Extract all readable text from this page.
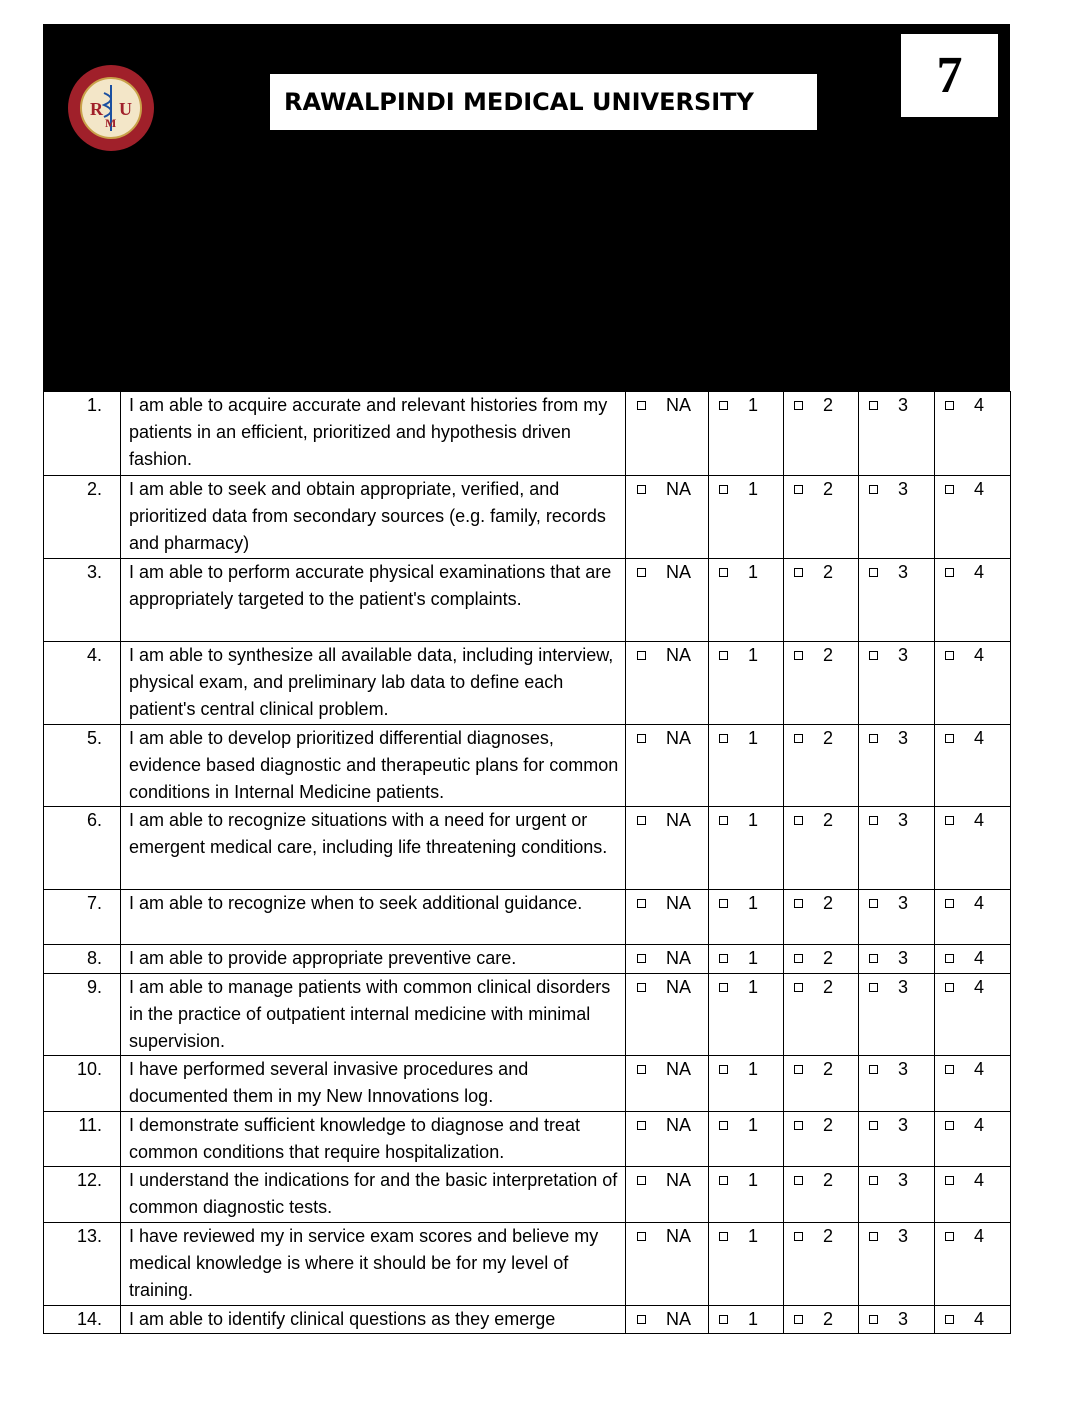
R U
M
RAWALPINDI MEDICAL UNIVERSITY	7
1.	I am able to acquire accurate and relevant histories from my patients in an efficient, prioritized and hypothesis driven fashion.	NA	1	2	3	4

2.	I am able to seek and obtain appropriate, verified, and prioritized data from secondary sources (e.g. family, records and pharmacy)	NA	1	2	3	4

3.	I am able to perform accurate physical examinations that are appropriately targeted to the patient's complaints.	NA	1	2	3	4

4.	I am able to synthesize all available data, including interview, physical exam, and preliminary lab data to define each patient's central clinical problem.	NA	1	2	3	4

5.	I am able to develop prioritized differential diagnoses, evidence based diagnostic and therapeutic plans for common conditions in Internal Medicine patients.	NA	1	2	3	4

6.	I am able to recognize situations with a need for urgent or emergent medical care, including life threatening conditions.	NA	1	2	3	4

7.	I am able to recognize when to seek additional guidance.	NA	1	2	3	4

8.	I am able to provide appropriate preventive care.	NA	1	2	3	4

9.	I am able to manage patients with common clinical disorders in the practice of outpatient internal medicine with minimal supervision.	NA	1	2	3	4

10.	I have performed several invasive procedures and documented them in my New Innovations log.	NA	1	2	3	4

11.	I demonstrate sufficient knowledge to diagnose and treat common conditions that require hospitalization.	NA	1	2	3	4

12.	I understand the indications for and the basic interpretation of common diagnostic tests.	NA	1	2	3	4

13.	I have reviewed my in service exam scores and believe my medical knowledge is where it should be for my level of training.	NA	1	2	3	4

14.	I am able to identify clinical questions as they emerge	NA	1	2	3	4
